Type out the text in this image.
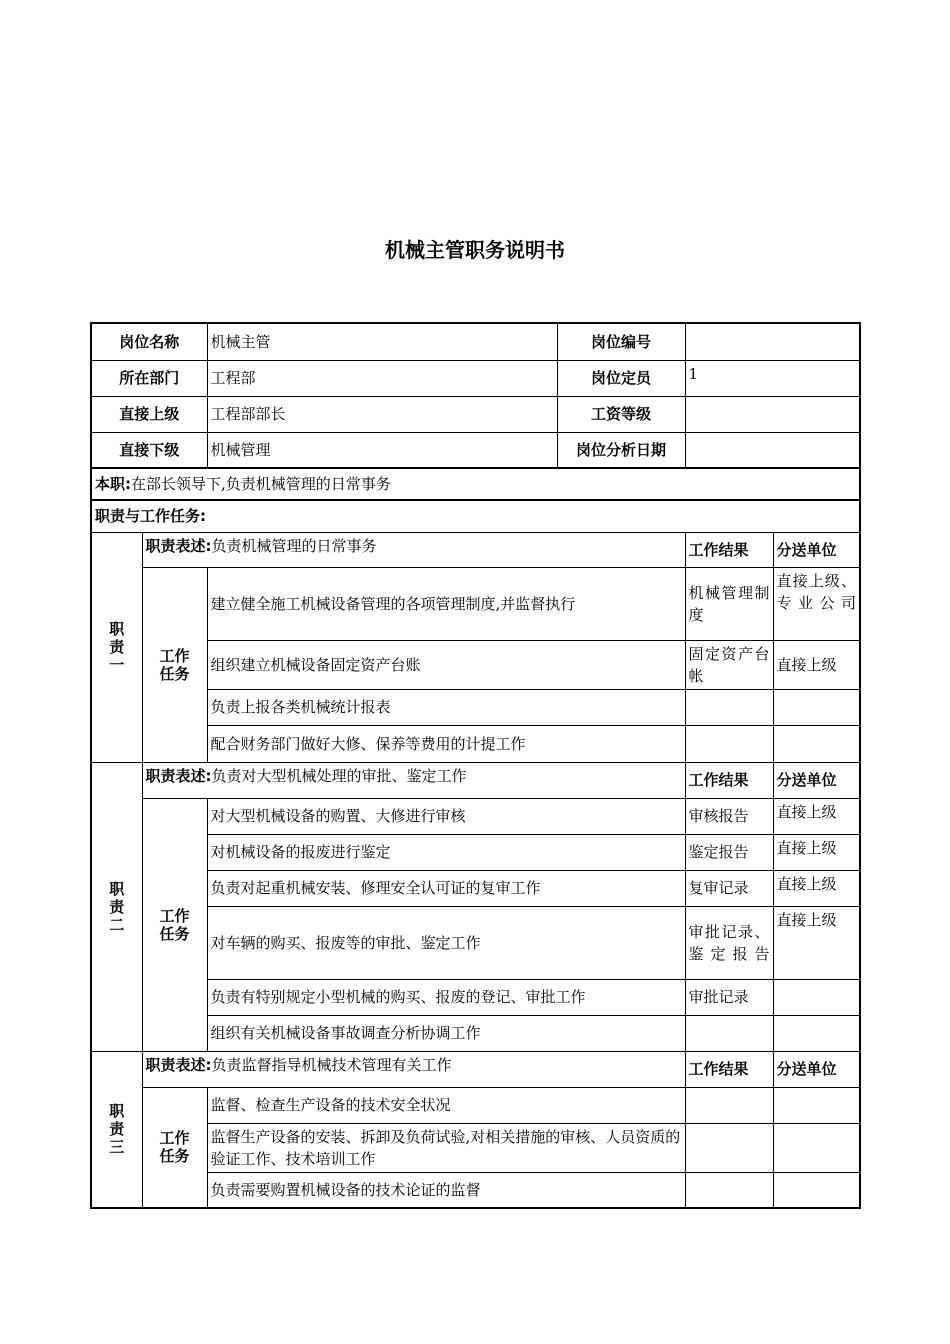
机械主管职务说明书
岗位名称		机械主管	岗位编号		
所在部门		工程部	岗位定员	1	
直接上级		工程部部长	工资等级		
直接下级		机械管理	岗位分析日期		
本职:在部长领导下,负责机械管理的日常事务					
职责与工作任务:					

职
责
一	职责表述:负责机械管理的日常事务			工作结果	分送单位

	工作
任务	建立健全施工机械设备管理的各项管理制度,并监督执行		机械管理制度	直接上级、专业公司
		组织建立机械设备固定资产台账		固定资产台帐	直接上级
		负责上报各类机械统计报表			
		配合财务部门做好大修、保养等费用的计提工作			

职
责
二	职责表述:负责对大型机械处理的审批、鉴定工作			工作结果	分送单位

	工作
任务	对大型机械设备的购置、大修进行审核		审核报告	直接上级
		对机械设备的报废进行鉴定		鉴定报告	直接上级
		负责对起重机械安装、修理安全认可证的复审工作		复审记录	直接上级
		对车辆的购买、报废等的审批、鉴定工作		审批记录、鉴定报告	直接上级
		负责有特别规定小型机械的购买、报废的登记、审批工作		审批记录	
		组织有关机械设备事故调查分析协调工作			

职
责
三	职责表述:负责监督指导机械技术管理有关工作			工作结果	分送单位

	工作
任务	监督、检查生产设备的技术安全状况			
		监督生产设备的安装、拆卸及负荷试验,对相关措施的审核、人员资质的验证工作、技术培训工作			
		负责需要购置机械设备的技术论证的监督			
